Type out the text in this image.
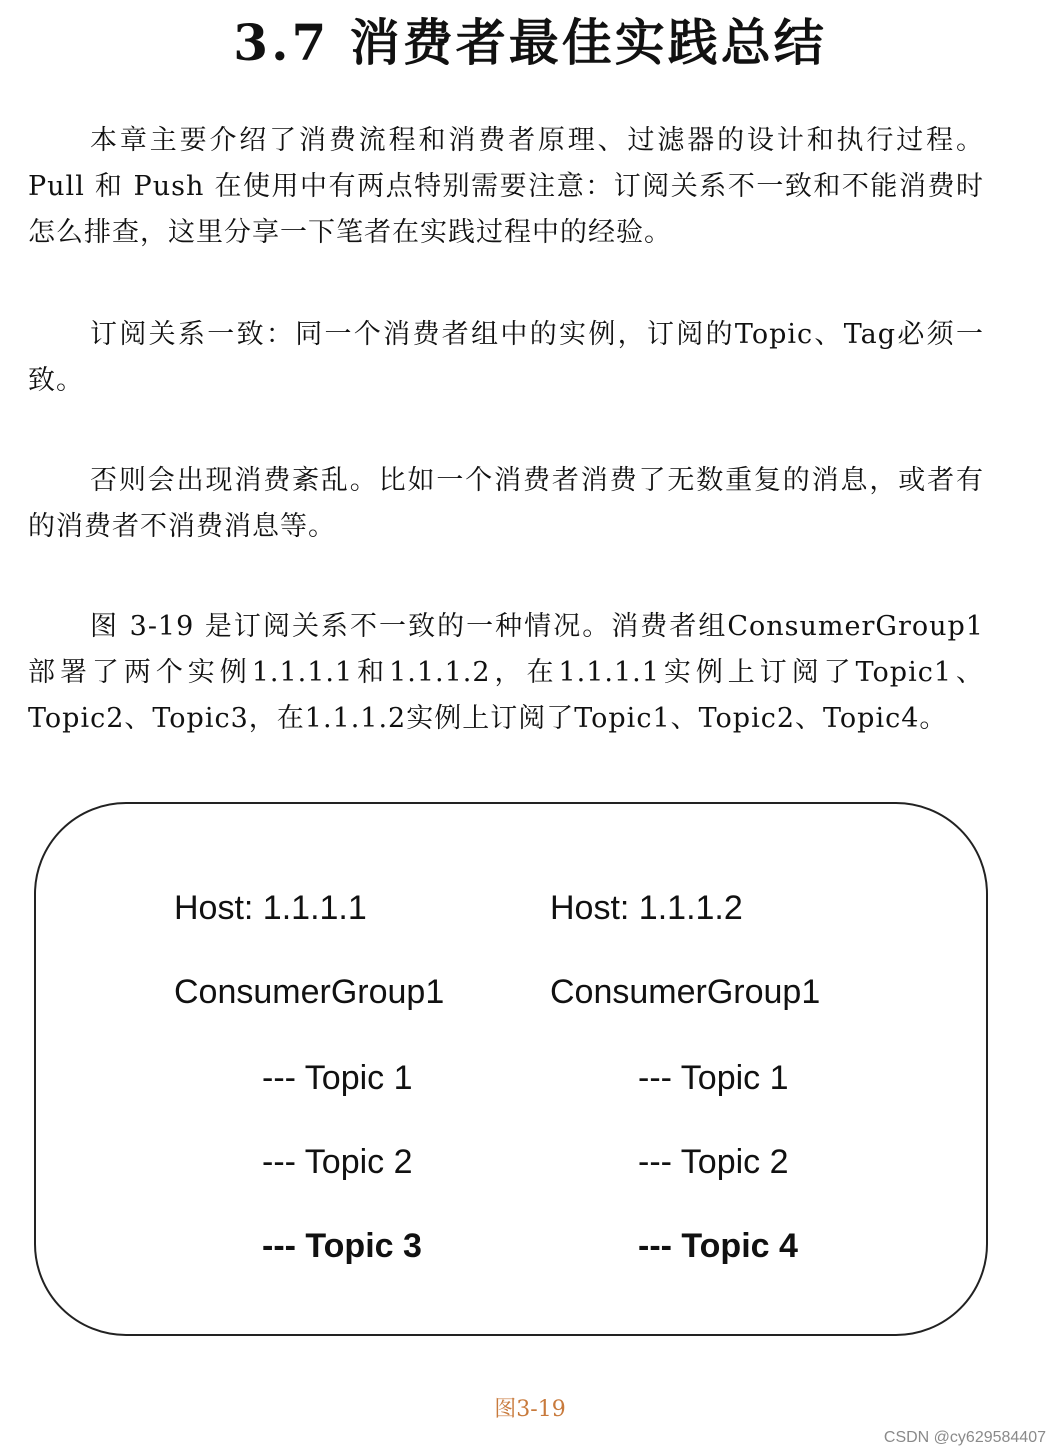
3.7 消费者最佳实践总结

本章主要介绍了消费流程和消费者原理、过滤器的设计和执行过程。Pull 和 Push 在使用中有两点特别需要注意：订阅关系不一致和不能消费时怎么排查，这里分享一下笔者在实践过程中的经验。

订阅关系一致：同一个消费者组中的实例，订阅的Topic、Tag必须一致。

否则会出现消费紊乱。比如一个消费者消费了无数重复的消息，或者有的消费者不消费消息等。

图 3-19 是订阅关系不一致的一种情况。消费者组ConsumerGroup1 部署了两个实例1.1.1.1和1.1.1.2，在1.1.1.1实例上订阅了Topic1、Topic2、Topic3，在1.1.1.2实例上订阅了Topic1、Topic2、Topic4。

Host: 1.1.1.1
ConsumerGroup1
--- Topic 1
--- Topic 2
--- Topic 3
Host: 1.1.1.2
ConsumerGroup1
--- Topic 1
--- Topic 2
--- Topic 4
图3-19
CSDN @cy629584407
